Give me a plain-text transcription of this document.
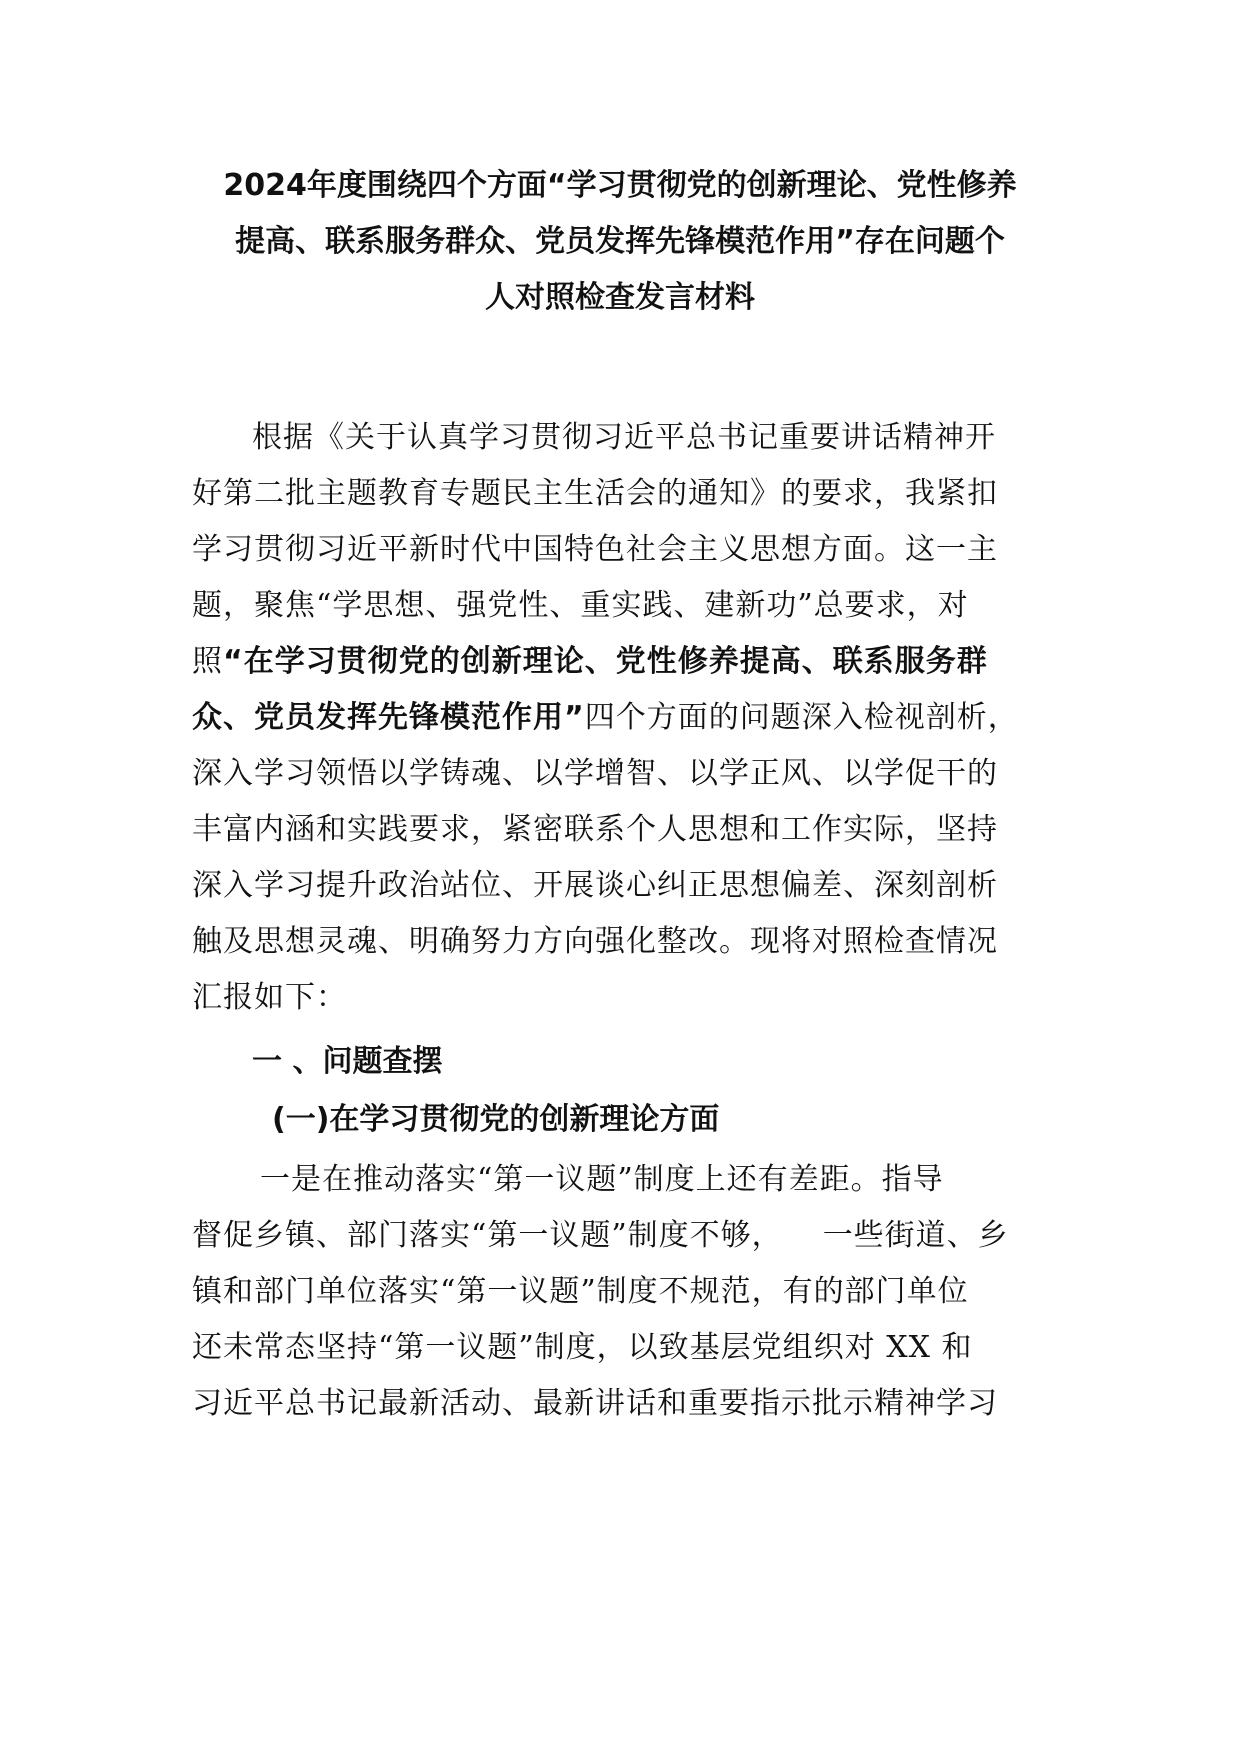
2024年度围绕四个方面“学习贯彻党的创新理论、党性修养
提高、联系服务群众、党员发挥先锋模范作用”存在问题个
人对照检查发言材料
根据《关于认真学习贯彻习近平总书记重要讲话精神开
好第二批主题教育专题民主生活会的通知》的要求，我紧扣
学习贯彻习近平新时代中国特色社会主义思想方面。这一主
题，聚焦“学思想、强党性、重实践、建新功”总要求，对
照“在学习贯彻党的创新理论、党性修养提高、联系服务群
众、党员发挥先锋模范作用”四个方面的问题深入检视剖析，
深入学习领悟以学铸魂、以学增智、以学正风、以学促干的
丰富内涵和实践要求，紧密联系个人思想和工作实际，坚持
深入学习提升政治站位、开展谈心纠正思想偏差、深刻剖析
触及思想灵魂、明确努力方向强化整改。现将对照检查情况
汇报如下：
一 、问题查摆
(一)在学习贯彻党的创新理论方面
一是在推动落实“第一议题”制度上还有差距。指导
督促乡镇、部门落实“第一议题”制度不够， 一些街道、乡
镇和部门单位落实“第一议题”制度不规范，有的部门单位
还未常态坚持“第一议题”制度，以致基层党组织对 XX 和
习近平总书记最新活动、最新讲话和重要指示批示精神学习
